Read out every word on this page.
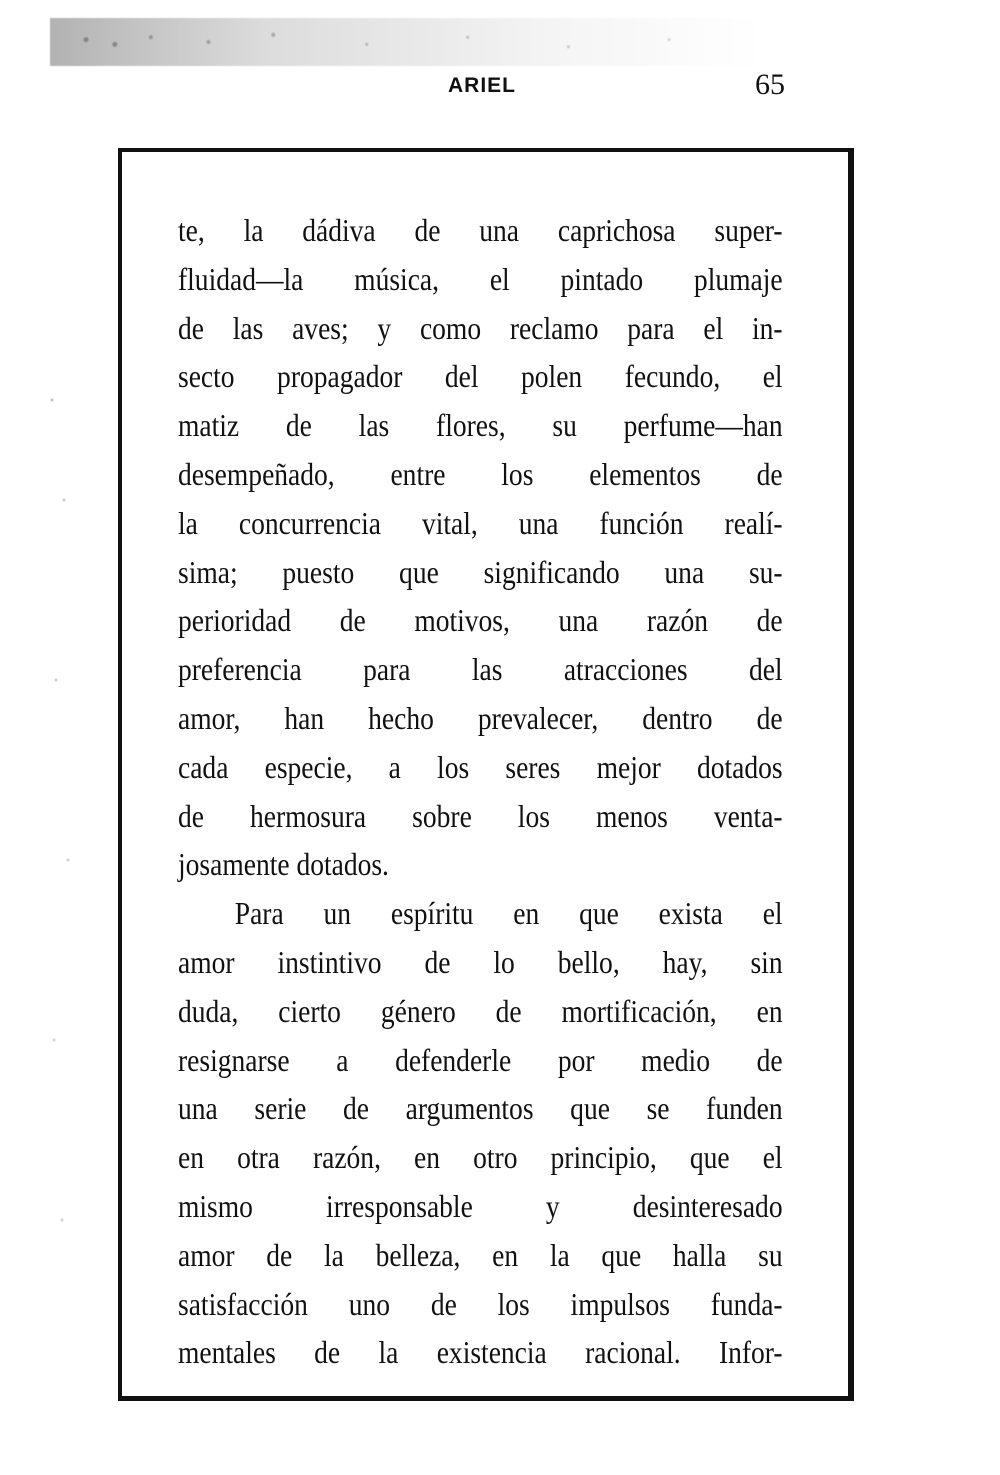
ARIEL	65
te, la dádiva de una caprichosa super-
fluidad—la música, el pintado plumaje
de las aves; y como reclamo para el in-
secto propagador del polen fecundo, el
matiz de las flores, su perfume—han
desempeñado, entre los elementos de
la concurrencia vital, una función realí-
sima; puesto que significando una su-
perioridad de motivos, una razón de
preferencia para las atracciones del
amor, han hecho prevalecer, dentro de
cada especie, a los seres mejor dotados
de hermosura sobre los menos venta-
josamente dotados.
Para un espíritu en que exista el
amor instintivo de lo bello, hay, sin
duda, cierto género de mortificación, en
resignarse a defenderle por medio de
una serie de argumentos que se funden
en otra razón, en otro principio, que el
mismo irresponsable y desinteresado
amor de la belleza, en la que halla su
satisfacción uno de los impulsos funda-
mentales de la existencia racional. Infor-
